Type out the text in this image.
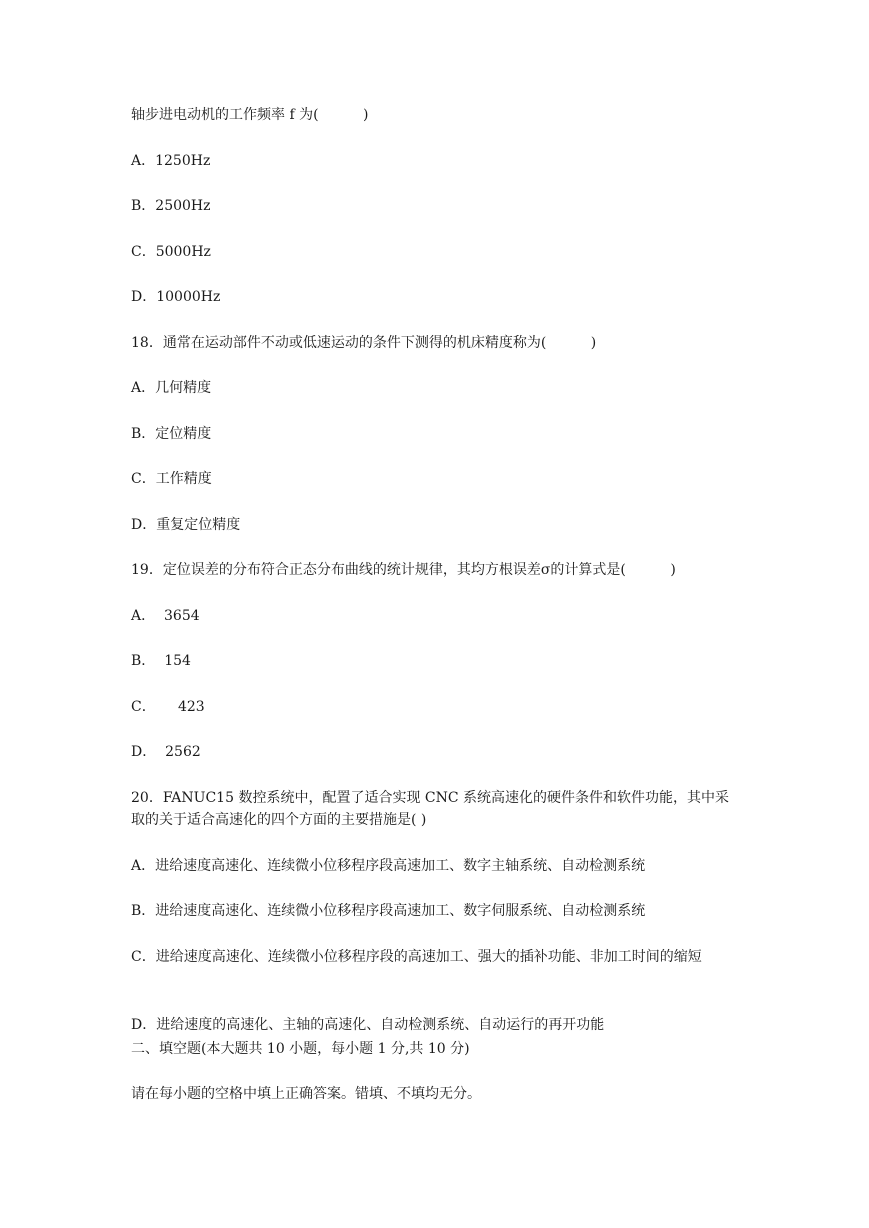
轴步进电动机的工作频率 f 为(          )

A．1250Hz

B．2500Hz

C．5000Hz

D．10000Hz

18．通常在运动部件不动或低速运动的条件下测得的机床精度称为(          )

A．几何精度

B．定位精度

C．工作精度

D．重复定位精度

19．定位误差的分布符合正态分布曲线的统计规律，其均方根误差σ的计算式是(          )

A．  3654

B．  154

C．     423

D．  2562

20．FANUC15 数控系统中，配置了适合实现 CNC 系统高速化的硬件条件和软件功能，其中采取的关于适合高速化的四个方面的主要措施是( )

A．进给速度高速化、连续微小位移程序段高速加工、数字主轴系统、自动检测系统

B．进给速度高速化、连续微小位移程序段高速加工、数字伺服系统、自动检测系统

C．进给速度高速化、连续微小位移程序段的高速加工、强大的插补功能、非加工时间的缩短

D．进给速度的高速化、主轴的高速化、自动检测系统、自动运行的再开功能

二、填空题(本大题共 10 小题，每小题 1 分,共 10 分)

请在每小题的空格中填上正确答案。错填、不填均无分。
